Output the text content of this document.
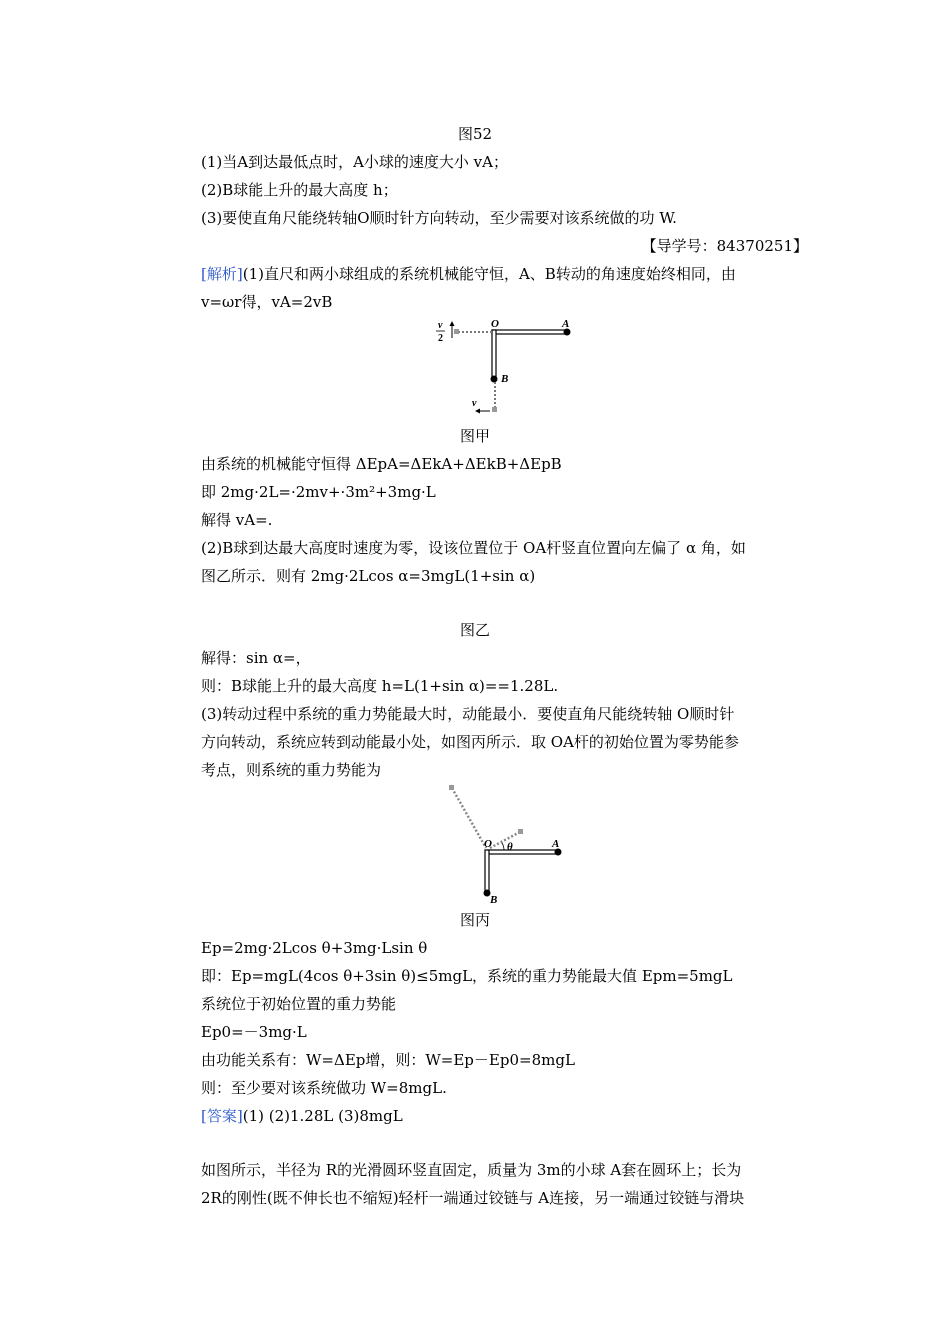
图52
(1)当A到达最低点时，A小球的速度大小 vA；
(2)B球能上升的最大高度 h；
(3)要使直角尺能绕转轴O顺时针方向转动，至少需要对该系统做的功 W.
【导学号：84370251】
[解析](1)直尺和两小球组成的系统机械能守恒，A、B转动的角速度始终相同，由
v=ωr得，vA=2vB
v
2
O	A
B
v
图甲
由系统的机械能守恒得 ΔEpA=ΔEkA+ΔEkB+ΔEpB
即 2mg·2L=·2mv+·3m²+3mg·L
解得 vA=.
(2)B球到达最大高度时速度为零，设该位置位于 OA杆竖直位置向左偏了 α 角，如
图乙所示．则有 2mg·2Lcos α=3mgL(1+sin α)
图乙
解得：sin α=，
则：B球能上升的最大高度 h=L(1+sin α)==1.28L.
(3)转动过程中系统的重力势能最大时，动能最小．要使直角尺能绕转轴 O顺时针
方向转动，系统应转到动能最小处，如图丙所示．取 OA杆的初始位置为零势能参
考点，则系统的重力势能为
O θ	A
B
图丙
Ep=2mg·2Lcos θ+3mg·Lsin θ
即：Ep=mgL(4cos θ+3sin θ)≤5mgL，系统的重力势能最大值 Epm=5mgL
系统位于初始位置的重力势能
Ep0=－3mg·L
由功能关系有：W=ΔEp增，则：W=Ep－Ep0=8mgL
则：至少要对该系统做功 W=8mgL.
[答案](1) (2)1.28L (3)8mgL
如图所示，半径为 R的光滑圆环竖直固定，质量为 3m的小球 A套在圆环上；长为
2R的刚性(既不伸长也不缩短)轻杆一端通过铰链与 A连接，另一端通过铰链与滑块
